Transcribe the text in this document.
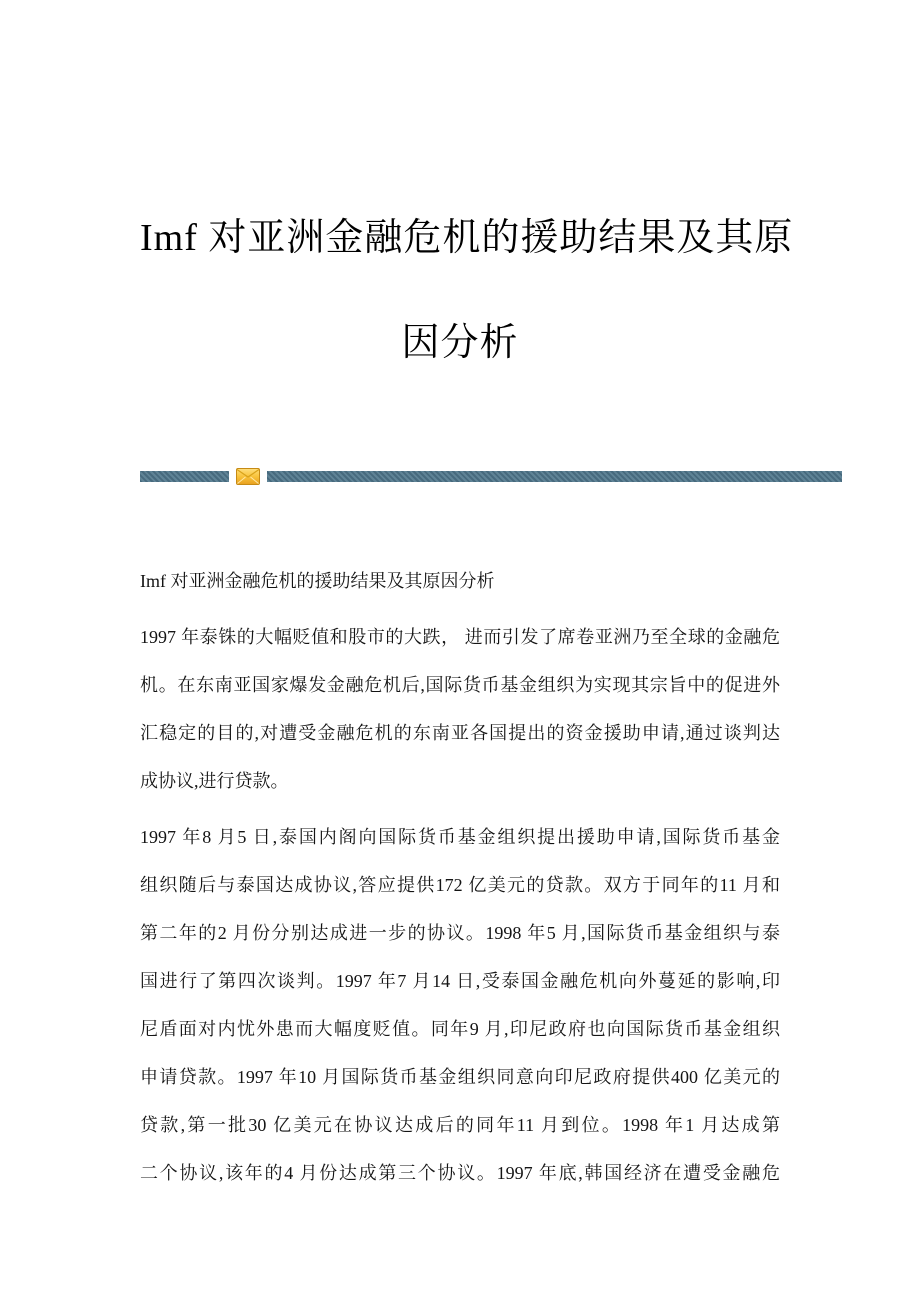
Imf 对亚洲金融危机的援助结果及其原
因分析
Imf 对亚洲金融危机的援助结果及其原因分析
1997 年泰铢的大幅贬值和股市的大跌， 进而引发了席卷亚洲乃至全球的金融危
机。在东南亚国家爆发金融危机后,国际货币基金组织为实现其宗旨中的促进外
汇稳定的目的,对遭受金融危机的东南亚各国提出的资金援助申请,通过谈判达
成协议,进行贷款。
1997 年8 月5 日,泰国内阁向国际货币基金组织提出援助申请,国际货币基金
组织随后与泰国达成协议,答应提供172 亿美元的贷款。双方于同年的11 月和
第二年的2 月份分别达成进一步的协议。1998 年5 月,国际货币基金组织与泰
国进行了第四次谈判。1997 年7 月14 日,受泰国金融危机向外蔓延的影响,印
尼盾面对内忧外患而大幅度贬值。同年9 月,印尼政府也向国际货币基金组织
申请贷款。1997 年10 月国际货币基金组织同意向印尼政府提供400 亿美元的
贷款,第一批30 亿美元在协议达成后的同年11 月到位。1998 年1 月达成第
二个协议,该年的4 月份达成第三个协议。1997 年底,韩国经济在遭受金融危
